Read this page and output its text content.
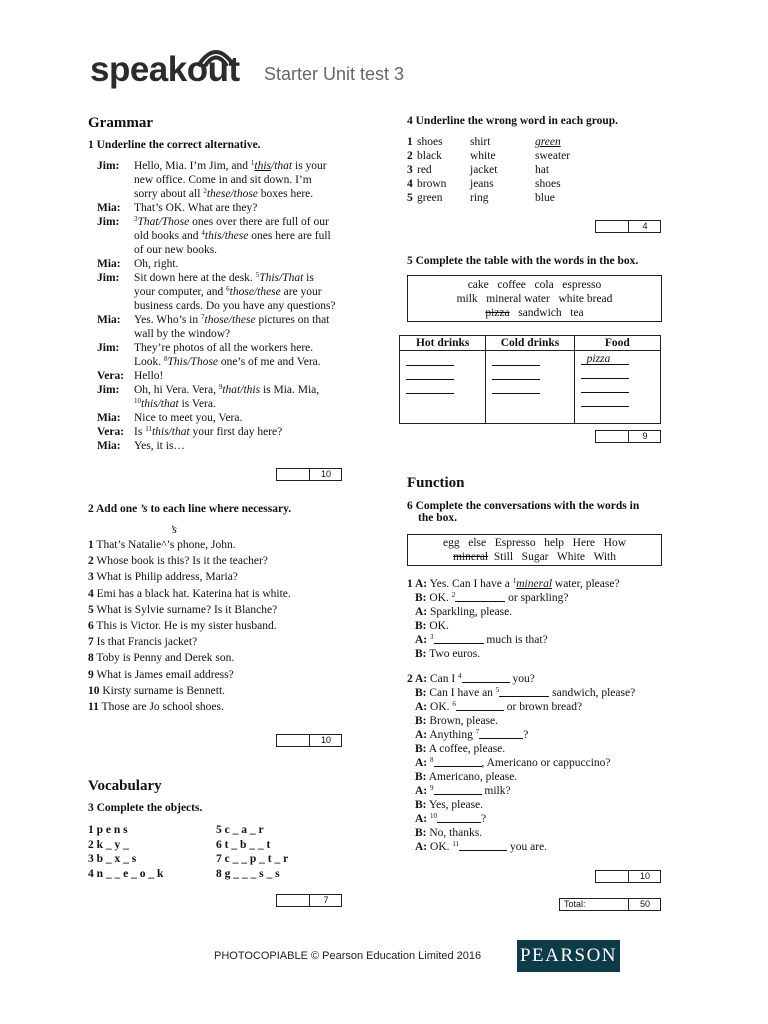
speakout Starter Unit test 3
Grammar
1 Underline the correct alternative.
Jim: Hello, Mia. I’m Jim, and $^1$this/that is your
new office. Come in and sit down. I’m
sorry about all $^2$these/those boxes here.
Mia: That’s OK. What are they?
Jim: $^3$That/Those ones over there are full of our
old books and $^4$this/these ones here are full
of our new books.
Mia: Oh, right.
Jim: Sit down here at the desk. $^5$This/That is
your computer, and $^6$those/these are your
business cards. Do you have any questions?
Mia: Yes. Who’s in $^7$those/these pictures on that
wall by the window?
Jim: They’re photos of all the workers here.
Look. $^8$This/Those one’s of me and Vera.
Vera: Hello!
Jim: Oh, hi Vera. Vera, $^9$that/this is Mia. Mia,
$^{10}$this/that is Vera.
Mia: Nice to meet you, Vera.
Vera: Is $^{11}$this/that your first day here?
Mia: Yes, it is…
10
2 Add one ’s to each line where necessary.
’s
1 That’s Natalie^’s phone, John.
2 Whose book is this? Is it the teacher?
3 What is Philip address, Maria?
4 Emi has a black hat. Katerina hat is white.
5 What is Sylvie surname? Is it Blanche?
6 This is Victor. He is my sister husband.
7 Is that Francis jacket?
8 Toby is Penny and Derek son.
9 What is James email address?
10 Kirsty surname is Bennett.
11 Those are Jo school shoes.
10
Vocabulary
3 Complete the objects.
1 p e n s
2 k _ y _
3 b _ x _ s
4 n _ _ e _ o _ k
5 c _ a _ r
6 t _ b _ _ t
7 c _ _ p _ t _ r
8 g _ _ _ s _ s
7
4 Underline the wrong word in each group.
1 shoes shirt	green
2 black white	sweater
3 red	jacket	hat
4 brown jeans	shoes
5 green ring	blue
4
5 Complete the table with the words in the box.
cake   coffee   cola   espresso
milk   mineral water   white bread
pizza   sandwich   tea
Hot drinks	Cold drinks	Food

		pizza
9
Function
6 Complete the conversations with the words in
the box.
egg   else   Espresso   help   Here   How
mineral  Still   Sugar   White   With
1 A: Yes. Can I have a $^1$mineral water, please?
B: OK. $^2$	or sparkling?
A: Sparkling, please.
B: OK.
A: $^3$	much is that?
B: Two euros.
2 A: Can I $^4$	you?
B: Can I have an $^5$	sandwich, please?
A: OK. $^6$	or brown bread?
B: Brown, please.
A: Anything $^7$	?
B: A coffee, please.
A: $^8$	, Americano or cappuccino?
B: Americano, please.
A: $^9$	milk?
B: Yes, please.
A: $^{10}$	?
B: No, thanks.
A: OK. $^{11}$	you are.
10
Total:	50
PHOTOCOPIABLE © Pearson Education Limited 2016 PEARSON
